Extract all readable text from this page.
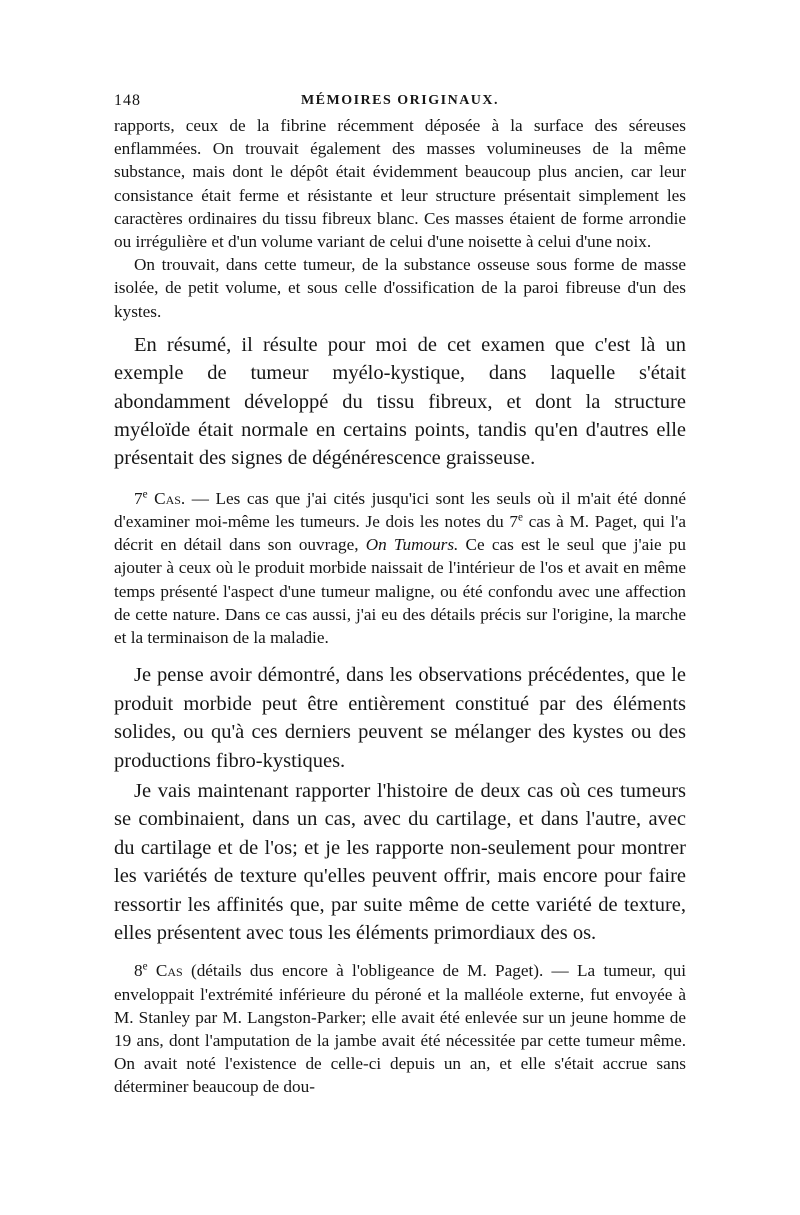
148	MÉMOIRES ORIGINAUX.

rapports, ceux de la fibrine récemment déposée à la surface des séreuses enflammées. On trouvait également des masses volumineuses de la même substance, mais dont le dépôt était évidemment beaucoup plus ancien, car leur consistance était ferme et résistante et leur structure présentait simplement les caractères ordinaires du tissu fibreux blanc. Ces masses étaient de forme arrondie ou irrégulière et d'un volume variant de celui d'une noisette à celui d'une noix.

On trouvait, dans cette tumeur, de la substance osseuse sous forme de masse isolée, de petit volume, et sous celle d'ossification de la paroi fibreuse d'un des kystes.

En résumé, il résulte pour moi de cet examen que c'est là un exemple de tumeur myélo-kystique, dans laquelle s'était abondamment développé du tissu fibreux, et dont la structure myéloïde était normale en certains points, tandis qu'en d'autres elle présentait des signes de dégénérescence graisseuse.

7e Cas. — Les cas que j'ai cités jusqu'ici sont les seuls où il m'ait été donné d'examiner moi-même les tumeurs. Je dois les notes du 7e cas à M. Paget, qui l'a décrit en détail dans son ouvrage, On Tumours. Ce cas est le seul que j'aie pu ajouter à ceux où le produit morbide naissait de l'intérieur de l'os et avait en même temps présenté l'aspect d'une tumeur maligne, ou été confondu avec une affection de cette nature. Dans ce cas aussi, j'ai eu des détails précis sur l'origine, la marche et la terminaison de la maladie.

Je pense avoir démontré, dans les observations précédentes, que le produit morbide peut être entièrement constitué par des éléments solides, ou qu'à ces derniers peuvent se mélanger des kystes ou des productions fibro-kystiques.

Je vais maintenant rapporter l'histoire de deux cas où ces tumeurs se combinaient, dans un cas, avec du cartilage, et dans l'autre, avec du cartilage et de l'os; et je les rapporte non-seulement pour montrer les variétés de texture qu'elles peuvent offrir, mais encore pour faire ressortir les affinités que, par suite même de cette variété de texture, elles présentent avec tous les éléments primordiaux des os.

8e Cas (détails dus encore à l'obligeance de M. Paget). — La tumeur, qui enveloppait l'extrémité inférieure du péroné et la malléole externe, fut envoyée à M. Stanley par M. Langston-Parker; elle avait été enlevée sur un jeune homme de 19 ans, dont l'amputation de la jambe avait été nécessitée par cette tumeur même. On avait noté l'existence de celle-ci depuis un an, et elle s'était accrue sans déterminer beaucoup de dou-
